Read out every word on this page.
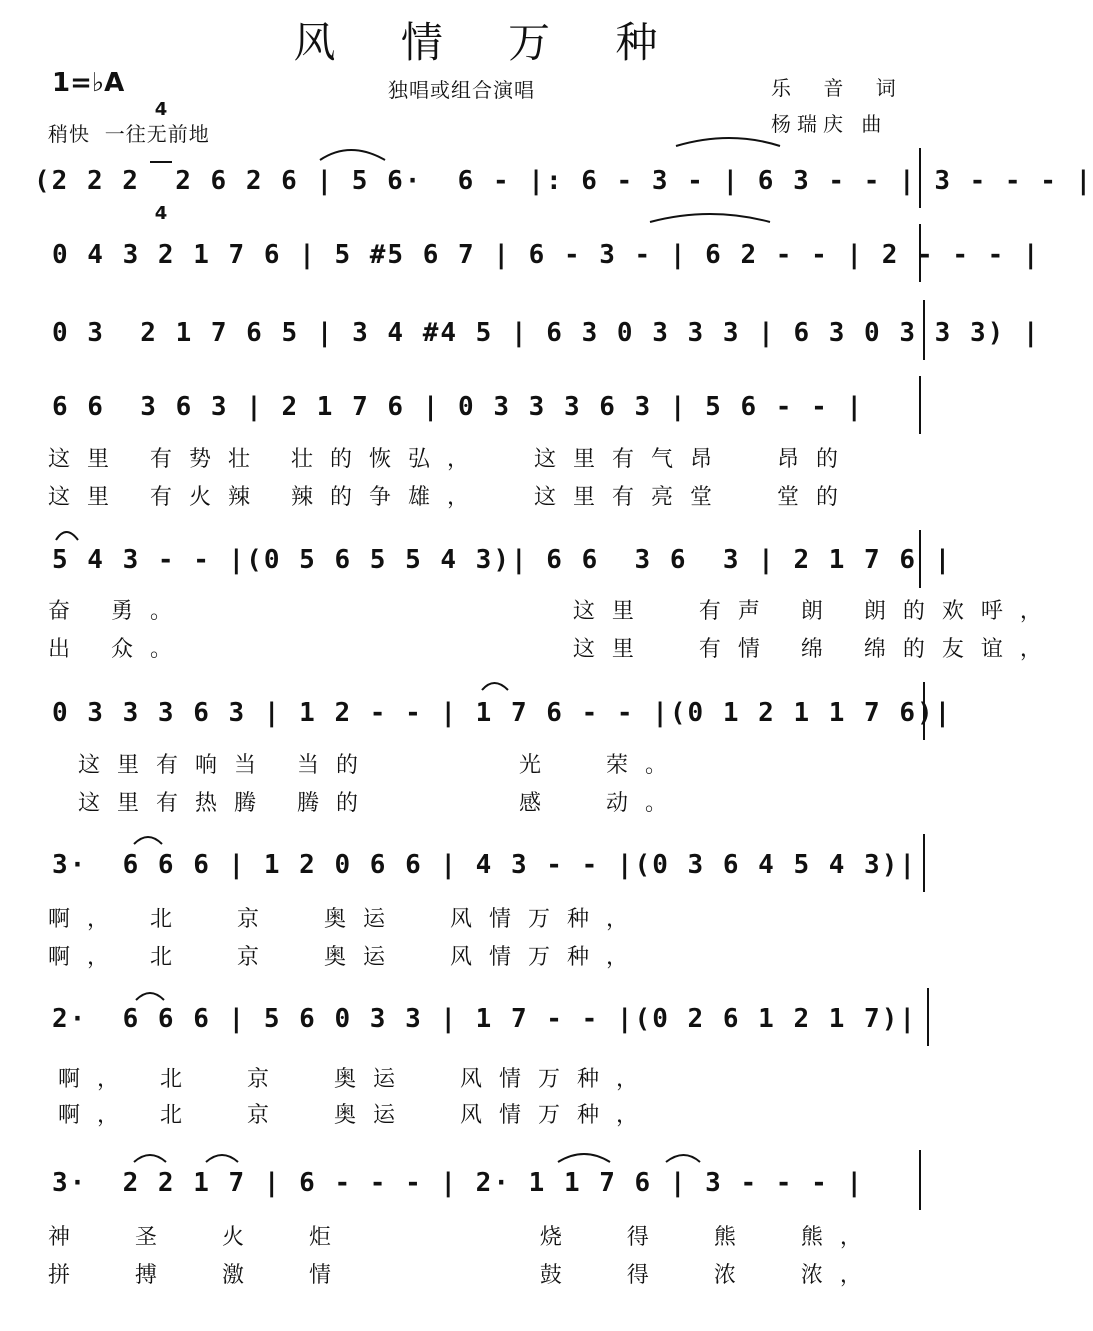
风 情 万 种
1=♭A

4

4

稍快  一往无前地
独唱或组合演唱	乐 音 词
杨瑞庆 曲
(2 2 2  2 6 2 6 | 5 6·  6 - |: 6 - 3 - | 6 3 - - | 3 - - - |
0 4 3 2 1 7 6 | 5 #5 6 7 | 6 - 3 - | 6 2 - - | 2 - - - |
0 3  2 1 7 6 5 | 3 4 #4 5 | 6 3 0 3 3 3 | 6 3 0 3 3 3) |
6 6  3 6 3 | 2 1 7 6 | 0 3 3 3 6 3 | 5 6 - - |
这里 有势壮 壮的恢弘，  这里有气昂  昂的
这里 有火辣 辣的争雄，  这里有亮堂  堂的
5 4 3 - - |(0 5 6 5 5 4 3)| 6 6  3 6  3 | 2 1 7 6 |
奋 勇。                这里  有声 朗 朗的欢呼，
出 众。                这里  有情 绵 绵的友谊，
0 3 3 3 6 3 | 1 2 - - | 1 7 6 - - |(0 1 2 1 1 7 6)|
这里有响当 当的      光  荣。
这里有热腾 腾的      感  动。
3·  6 6 6 | 1 2 0 6 6 | 4 3 - - |(0 3 6 4 5 4 3)|
啊， 北  京  奥运  风情万种，
啊， 北  京  奥运  风情万种，
2·  6 6 6 | 5 6 0 3 3 | 1 7 - - |(0 2 6 1 2 1 7)|
啊， 北  京  奥运  风情万种，
啊， 北  京  奥运  风情万种，
3·  2 2 1 7 | 6 - - - | 2· 1 1 7 6 | 3 - - - |
神  圣  火  炬        烧  得  熊  熊，
拼  搏  激  情        鼓  得  浓  浓，
